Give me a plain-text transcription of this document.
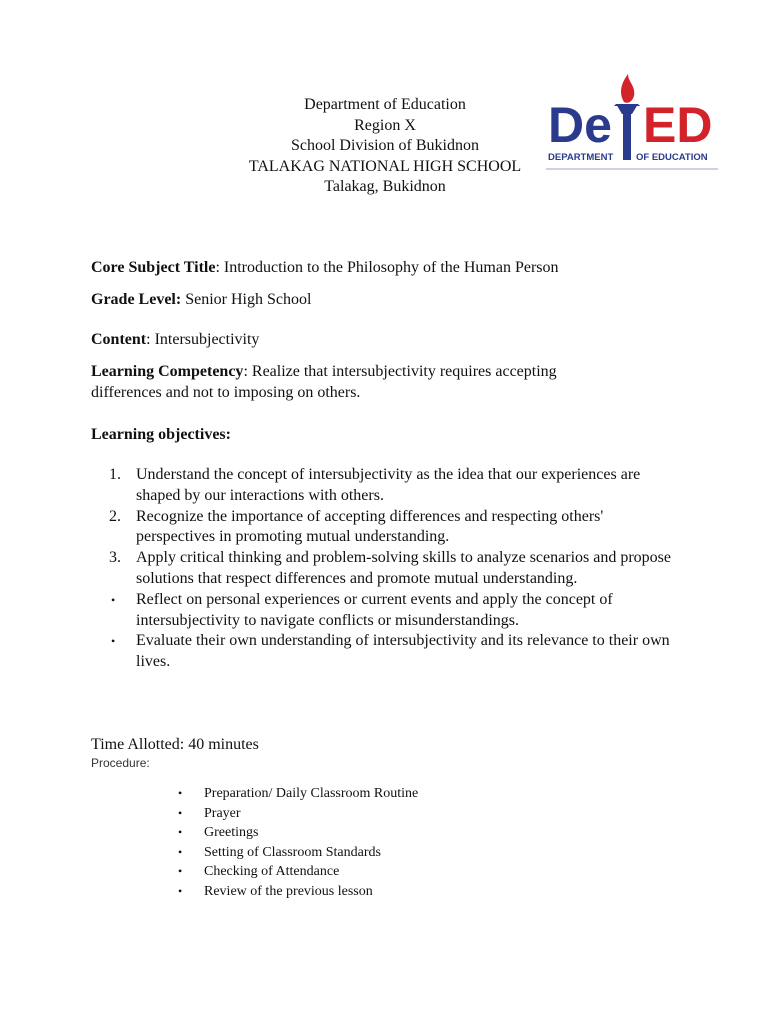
Department of Education
Region X
School Division of Bukidnon
TALAKAG NATIONAL HIGH SCHOOL
Talakag, Bukidnon
De ED
DEPARTMENT OF EDUCATION
Core Subject Title: Introduction to the Philosophy of the Human Person
Grade Level: Senior High School
Content: Intersubjectivity
Learning Competency: Realize that intersubjectivity requires accepting differences and not to imposing on others.
Learning objectives:
1. Understand the concept of intersubjectivity as the idea that our experiences are shaped by our interactions with others.
2. Recognize the importance of accepting differences and respecting others' perspectives in promoting mutual understanding.
3. Apply critical thinking and problem-solving skills to analyze scenarios and propose solutions that respect differences and promote mutual understanding.
•	Reflect on personal experiences or current events and apply the concept of intersubjectivity to navigate conflicts or misunderstandings.
•	Evaluate their own understanding of intersubjectivity and its relevance to their own lives.
Time Allotted: 40 minutes
Procedure:
• Preparation/ Daily Classroom Routine
• Prayer
• Greetings
• Setting of Classroom Standards
• Checking of Attendance
• Review of the previous lesson
